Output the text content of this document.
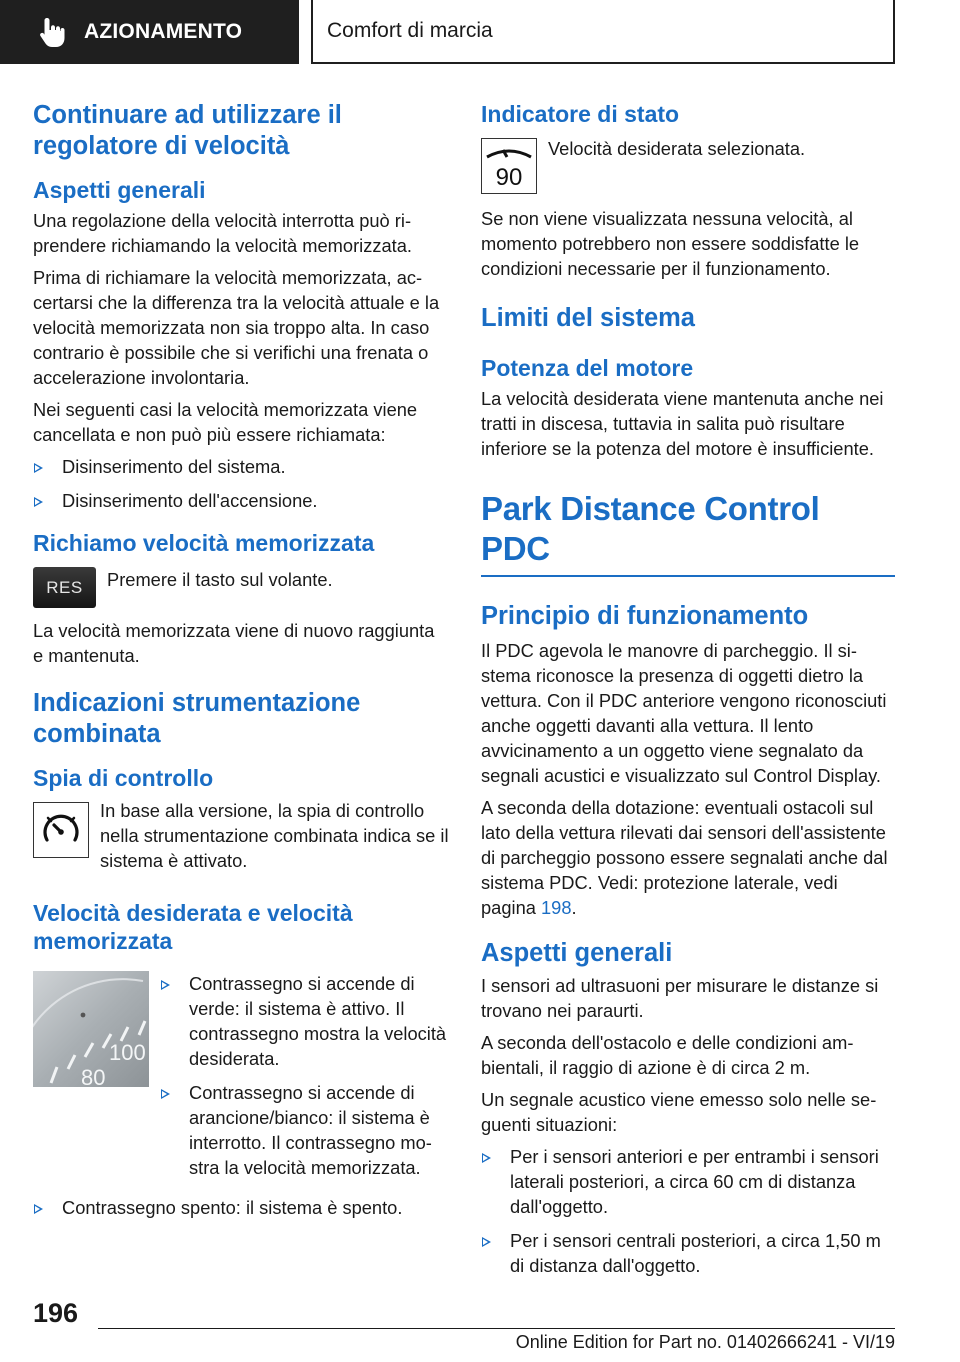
AZIONAMENTO	Comfort di marcia
Continuare ad utilizzare il regolatore di velocità
Aspetti generali

Una regolazione della velocità interrotta può riprendere richiamando la velocità memorizzata.

Prima di richiamare la velocità memorizzata, accertarsi che la differenza tra la velocità attuale e la velocità memorizzata non sia troppo alta. In caso contrario è possibile che si verifichi una frenata o accelerazione involontaria.

Nei seguenti casi la velocità memorizzata viene cancellata e non può più essere richiamata:

Disinserimento del sistema.
Disinserimento dell'accensione.
Richiamo velocità memorizzata
RES	Premere il tasto sul volante.

La velocità memorizzata viene di nuovo raggiunta e mantenuta.

Indicazioni strumentazione combinata
Spia di controllo
In base alla versione, la spia di controllo nella strumentazione combinata indica se il sistema è attivato.
Velocità desiderata e velocità memorizzata
100
80
Contrassegno si accende di verde: il sistema è attivo. Il contrassegno mostra la velocità desiderata.
Contrassegno si accende di arancione/bianco: il sistema è interrotto. Il contrassegno mostra la velocità memorizzata.
Contrassegno spento: il sistema è spento.
Indicatore di stato
90
Velocità desiderata selezionata.

Se non viene visualizzata nessuna velocità, al momento potrebbero non essere soddisfatte le condizioni necessarie per il funzionamento.

Limiti del sistema
Potenza del motore

La velocità desiderata viene mantenuta anche nei tratti in discesa, tuttavia in salita può risultare inferiore se la potenza del motore è insufficiente.

Park Distance Control PDC
Principio di funzionamento

Il PDC agevola le manovre di parcheggio. Il sistema riconosce la presenza di oggetti dietro la vettura. Con il PDC anteriore vengono riconosciuti anche oggetti davanti alla vettura. Il lento avvicinamento a un oggetto viene segnalato da segnali acustici e visualizzato sul Control Display.

A seconda della dotazione: eventuali ostacoli sul lato della vettura rilevati dai sensori dell'assistente di parcheggio possono essere segnalati anche dal sistema PDC. Vedi: protezione laterale, vedi pagina 198.

Aspetti generali

I sensori ad ultrasuoni per misurare le distanze si trovano nei paraurti.

A seconda dell'ostacolo e delle condizioni ambientali, il raggio di azione è di circa 2 m.

Un segnale acustico viene emesso solo nelle seguenti situazioni:

Per i sensori anteriori e per entrambi i sensori laterali posteriori, a circa 60 cm di distanza dall'oggetto.
Per i sensori centrali posteriori, a circa 1,50 m di distanza dall'oggetto.
196
Online Edition for Part no. 01402666241 - VI/19
